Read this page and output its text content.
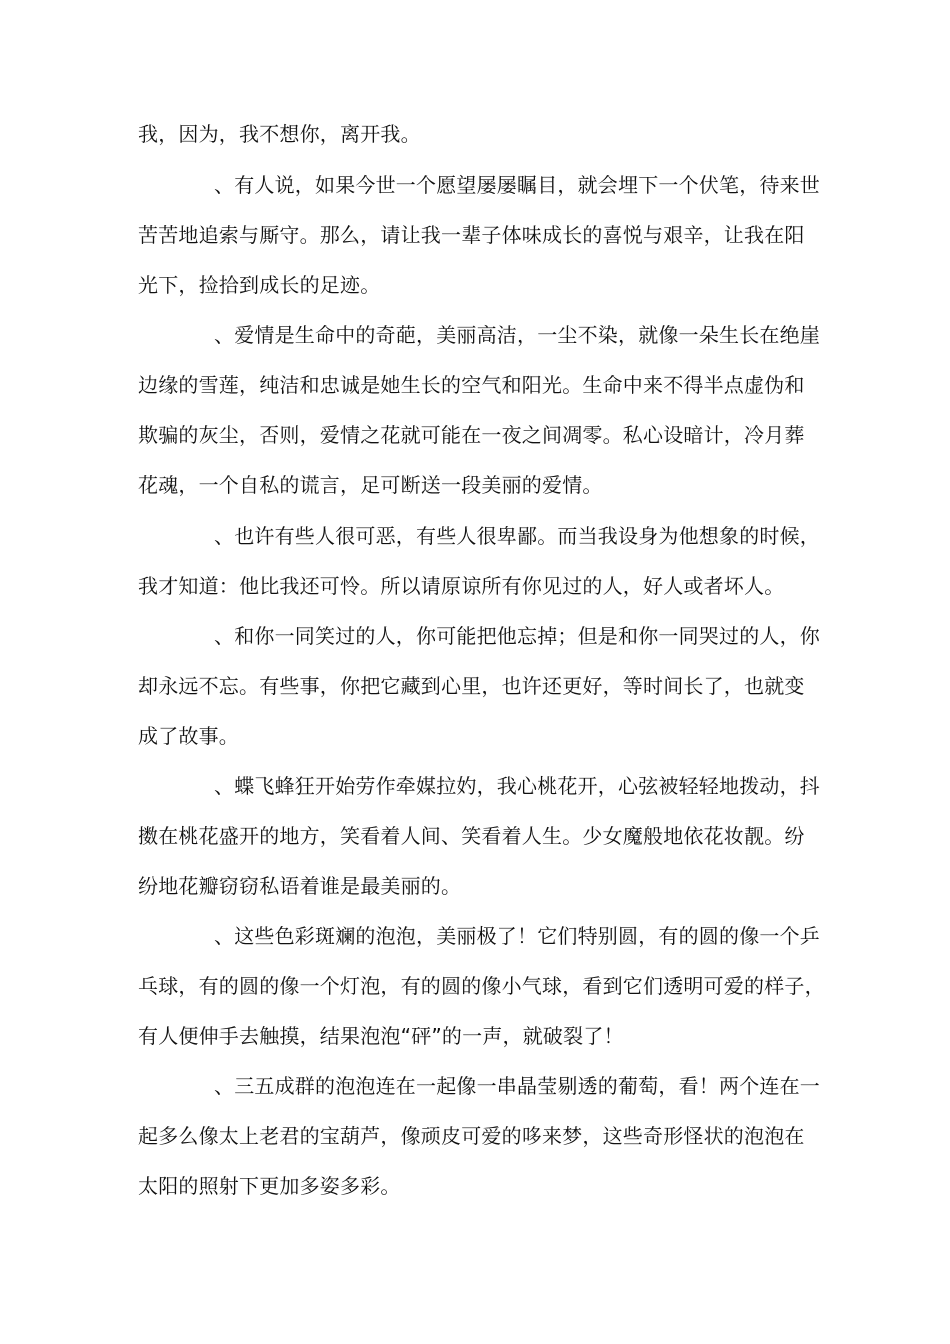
我，因为，我不想你，离开我。
、有人说，如果今世一个愿望屡屡瞩目，就会埋下一个伏笔，待来世
苦苦地追索与厮守。那么，请让我一辈子体味成长的喜悦与艰辛，让我在阳
光下，捡拾到成长的足迹。
、爱情是生命中的奇葩，美丽高洁，一尘不染，就像一朵生长在绝崖
边缘的雪莲，纯洁和忠诚是她生长的空气和阳光。生命中来不得半点虚伪和
欺骗的灰尘，否则，爱情之花就可能在一夜之间凋零。私心设暗计，冷月葬
花魂，一个自私的谎言，足可断送一段美丽的爱情。
、也许有些人很可恶，有些人很卑鄙。而当我设身为他想象的时候，
我才知道：他比我还可怜。所以请原谅所有你见过的人，好人或者坏人。
、和你一同笑过的人，你可能把他忘掉；但是和你一同哭过的人，你
却永远不忘。有些事，你把它藏到心里，也许还更好，等时间长了，也就变
成了故事。
、蝶飞蜂狂开始劳作牵媒拉妁，我心桃花开，心弦被轻轻地拨动，抖
擞在桃花盛开的地方，笑看着人间、笑看着人生。少女魔般地依花妆靓。纷
纷地花瓣窃窃私语着谁是最美丽的。
、这些色彩斑斓的泡泡，美丽极了！它们特别圆，有的圆的像一个乒
乓球，有的圆的像一个灯泡，有的圆的像小气球，看到它们透明可爱的样子，
有人便伸手去触摸，结果泡泡“砰”的一声，就破裂了！
、三五成群的泡泡连在一起像一串晶莹剔透的葡萄，看！两个连在一
起多么像太上老君的宝葫芦，像顽皮可爱的哆来梦，这些奇形怪状的泡泡在
太阳的照射下更加多姿多彩。
